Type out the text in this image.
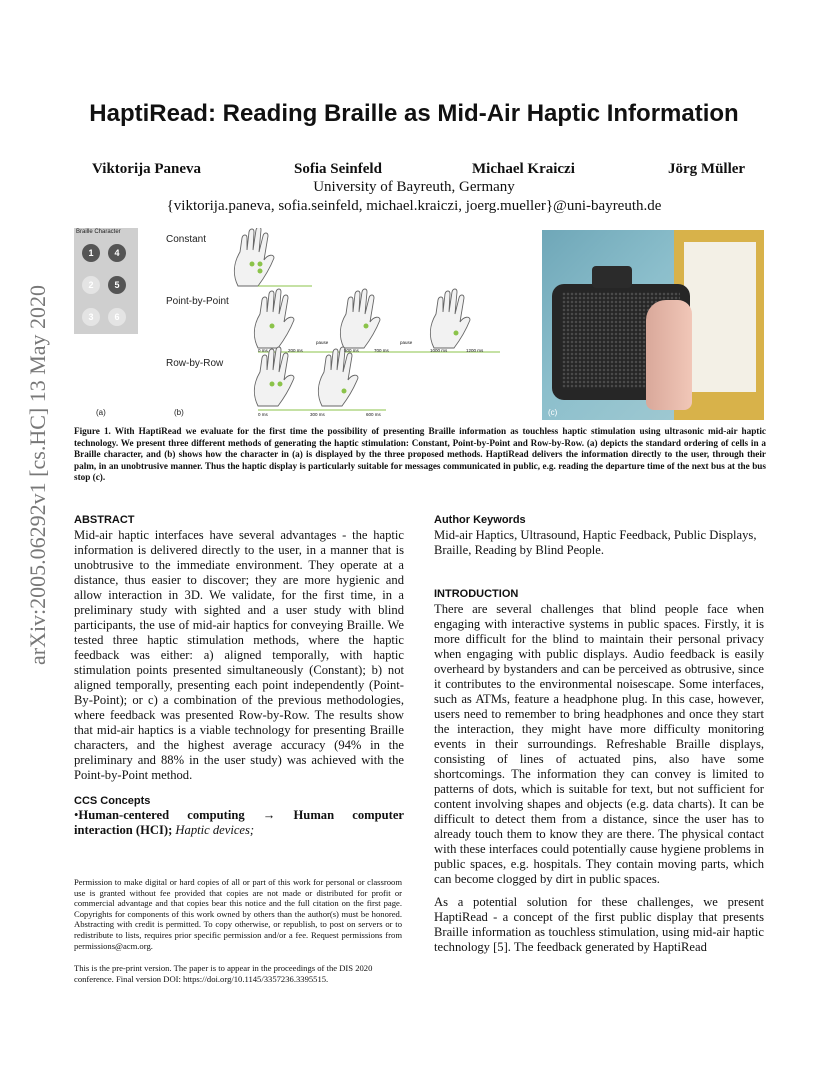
HaptiRead: Reading Braille as Mid-Air Haptic Information
Viktorija Paneva	Sofia Seinfeld	Michael Kraiczi	Jörg Müller
University of Bayreuth, Germany
{viktorija.paneva, sofia.seinfeld, michael.kraiczi, joerg.mueller}@uni-bayreuth.de
arXiv:2005.06292v1 [cs.HC] 13 May 2020
Braille Character
1	4
2	5
3	6
Constant
Point-by-Point
Row-by-Row
0 ms	200 ms
pause
500 ms	700 ms
pause
1000 ms	1200 ms
0 ms	300 ms	600 ms
(a)	(b)	(c)
Figure 1. With HaptiRead we evaluate for the first time the possibility of presenting Braille information as touchless haptic stimulation using ultrasonic mid-air haptic technology. We present three different methods of generating the haptic stimulation: Constant, Point-by-Point and Row-by-Row. (a) depicts the standard ordering of cells in a Braille character, and (b) shows how the character in (a) is displayed by the three proposed methods. HaptiRead delivers the information directly to the user, through their palm, in an unobtrusive manner. Thus the haptic display is particularly suitable for messages communicated in public, e.g. reading the departure time of the next bus at the bus stop (c).
ABSTRACT
Mid-air haptic interfaces have several advantages - the haptic information is delivered directly to the user, in a manner that is unobtrusive to the immediate environment. They operate at a distance, thus easier to discover; they are more hygienic and allow interaction in 3D. We validate, for the first time, in a preliminary study with sighted and a user study with blind participants, the use of mid-air haptics for conveying Braille. We tested three haptic stimulation methods, where the haptic feedback was either: a) aligned temporally, with haptic stimulation points presented simultaneously (Constant); b) not aligned temporally, presenting each point independently (Point-By-Point); or c) a combination of the previous methodologies, where feedback was presented Row-by-Row. The results show that mid-air haptics is a viable technology for presenting Braille characters, and the highest average accuracy (94% in the preliminary and 88% in the user study) was achieved with the Point-by-Point method.
CCS Concepts
•Human-centered computing → Human computer interaction (HCI); Haptic devices;
Permission to make digital or hard copies of all or part of this work for personal or classroom use is granted without fee provided that copies are not made or distributed for profit or commercial advantage and that copies bear this notice and the full citation on the first page. Copyrights for components of this work owned by others than the author(s) must be honored. Abstracting with credit is permitted. To copy otherwise, or republish, to post on servers or to redistribute to lists, requires prior specific permission and/or a fee. Request permissions from permissions@acm.org.
This is the pre-print version. The paper is to appear in the proceedings of the DIS 2020 conference. Final version DOI: https://doi.org/10.1145/3357236.3395515.
Author Keywords
Mid-air Haptics, Ultrasound, Haptic Feedback, Public Displays, Braille, Reading by Blind People.
INTRODUCTION
There are several challenges that blind people face when engaging with interactive systems in public spaces. Firstly, it is more difficult for the blind to maintain their personal privacy when engaging with public displays. Audio feedback is easily overheard by bystanders and can be perceived as obtrusive, since it contributes to the environmental noisescape. Some interfaces, such as ATMs, feature a headphone plug. In this case, however, users need to remember to bring headphones and once they start the interaction, they might have more difficulty monitoring events in their surroundings. Refreshable Braille displays, consisting of lines of actuated pins, also have some shortcomings. The information they can convey is limited to patterns of dots, which is suitable for text, but not sufficient for content involving shapes and objects (e.g. data charts). It can be difficult to detect them from a distance, since the user has to already touch them to know they are there. The physical contact with these interfaces could potentially cause hygiene problems in public spaces, e.g. hospitals. They contain moving parts, which can become clogged by dirt in public spaces.
As a potential solution for these challenges, we present HaptiRead - a concept of the first public display that presents Braille information as touchless stimulation, using mid-air haptic technology [5]. The feedback generated by HaptiRead
